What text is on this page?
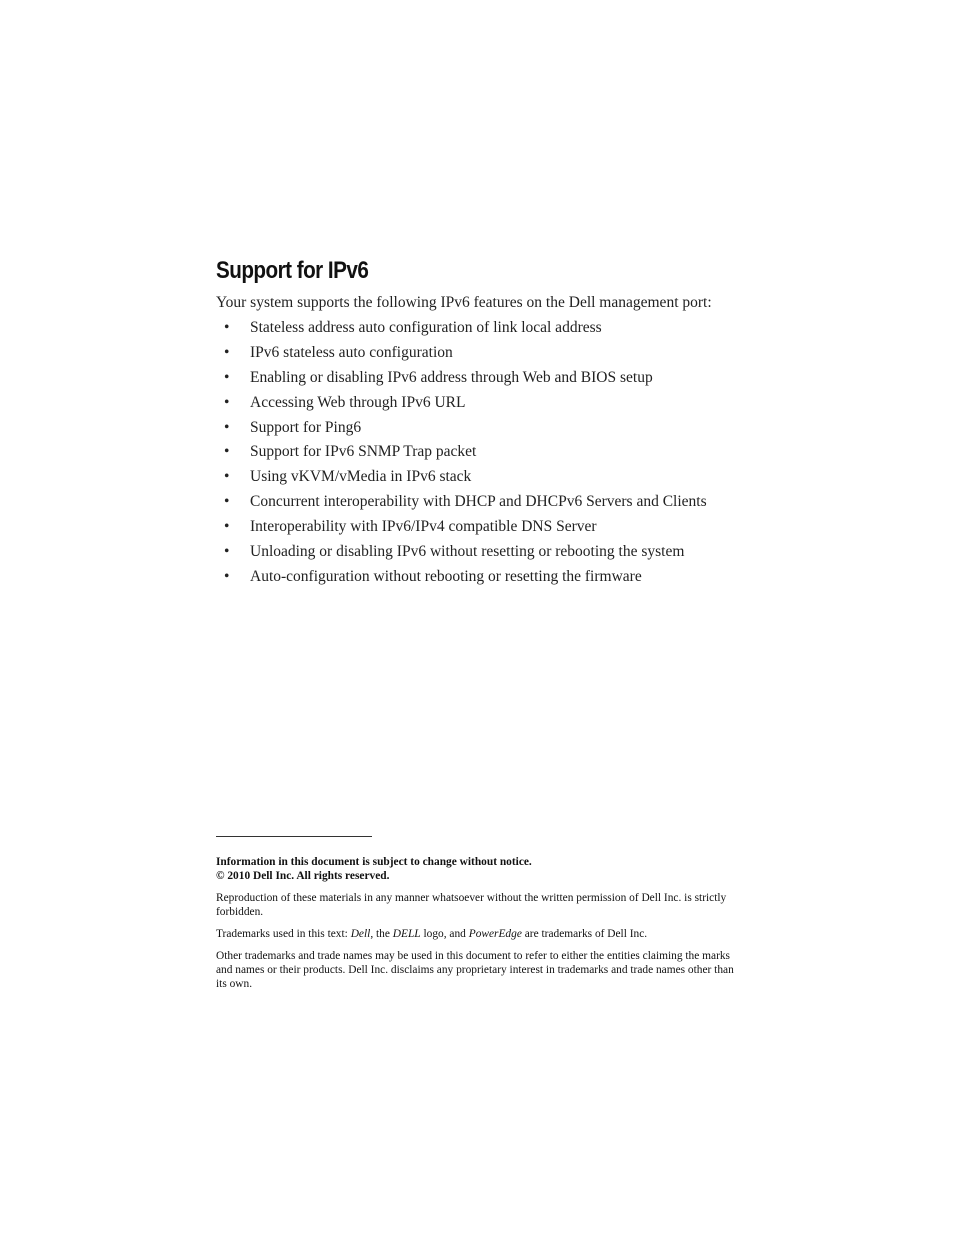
Support for IPv6

Your system supports the following IPv6 features on the Dell management port:

• Stateless address auto configuration of link local address
• IPv6 stateless auto configuration
• Enabling or disabling IPv6 address through Web and BIOS setup
• Accessing Web through IPv6 URL
• Support for Ping6
• Support for IPv6 SNMP Trap packet
• Using vKVM/vMedia in IPv6 stack
• Concurrent interoperability with DHCP and DHCPv6 Servers and Clients
• Interoperability with IPv6/IPv4 compatible DNS Server
• Unloading or disabling IPv6 without resetting or rebooting the system
• Auto-configuration without rebooting or resetting the firmware

Information in this document is subject to change without notice.
© 2010 Dell Inc. All rights reserved.

Reproduction of these materials in any manner whatsoever without the written permission of Dell Inc. is strictly forbidden.

Trademarks used in this text: Dell, the DELL logo, and PowerEdge are trademarks of Dell Inc.

Other trademarks and trade names may be used in this document to refer to either the entities claiming the marks and names or their products. Dell Inc. disclaims any proprietary interest in trademarks and trade names other than its own.
